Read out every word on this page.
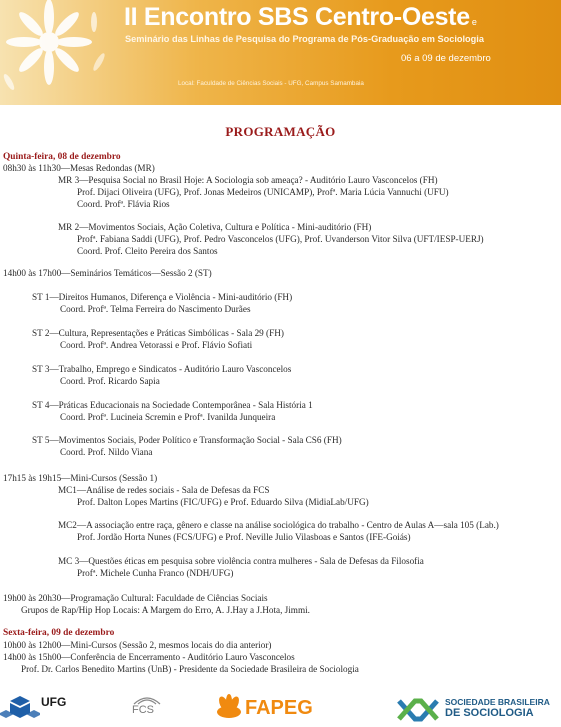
II Encontro SBS Centro-Oeste e
Seminário das Linhas de Pesquisa do Programa de Pós-Graduação em Sociologia
06 a 09 de dezembro
Local: Faculdade de Ciências Sociais - UFG, Campus Samambaia
PROGRAMAÇÃO
Quinta-feira, 08 de dezembro
08h30 às 11h30—Mesas Redondas (MR)
MR 3—Pesquisa Social no Brasil Hoje: A Sociologia sob ameaça? - Auditório Lauro Vasconcelos (FH)
Prof. Dijaci Oliveira (UFG), Prof. Jonas Medeiros (UNICAMP), Profª. Maria Lúcia Vannuchi (UFU)
Coord. Profª. Flávia Rios
MR 2—Movimentos Sociais, Ação Coletiva, Cultura e Política - Mini-auditório (FH)
Profª. Fabiana Saddi (UFG), Prof. Pedro Vasconcelos (UFG), Prof. Uvanderson Vitor Silva (UFT/IESP-UERJ)
Coord. Prof. Cleito Pereira dos Santos
14h00 às 17h00—Seminários Temáticos—Sessão 2 (ST)
ST 1—Direitos Humanos, Diferença e Violência - Mini-auditório (FH)
Coord. Profª. Telma Ferreira do Nascimento Durães
ST 2—Cultura, Representações e Práticas Simbólicas - Sala 29 (FH)
Coord. Profª. Andrea Vetorassi e Prof. Flávio Sofiati
ST 3—Trabalho, Emprego e Sindicatos - Auditório Lauro Vasconcelos
Coord. Prof. Ricardo Sapia
ST 4—Práticas Educacionais na Sociedade Contemporânea - Sala História 1
Coord. Profª. Lucineia Scremin e Profª. Ivanilda Junqueira
ST 5—Movimentos Sociais, Poder Político e Transformação Social - Sala CS6 (FH)
Coord. Prof. Nildo Viana
17h15 às 19h15—Mini-Cursos (Sessão 1)
MC1—Análise de redes sociais - Sala de Defesas da FCS
Prof. Dalton Lopes Martins (FIC/UFG) e Prof. Eduardo Silva (MidiaLab/UFG)
MC2—A associação entre raça, gênero e classe na análise sociológica do trabalho - Centro de Aulas A—sala 105 (Lab.)
Prof. Jordão Horta Nunes (FCS/UFG) e Prof. Neville Julio Vilasboas e Santos (IFE-Goiás)
MC 3—Questões éticas em pesquisa sobre violência contra mulheres - Sala de Defesas da Filosofia
Profª. Michele Cunha Franco (NDH/UFG)
19h00 às 20h30—Programação Cultural: Faculdade de Ciências Sociais
Grupos de Rap/Hip Hop Locais: A Margem do Erro, A. J.Hay a J.Hota, Jimmi.
Sexta-feira, 09 de dezembro
10h00 às 12h00—Mini-Cursos (Sessão 2, mesmos locais do dia anterior)
14h00 às 15h00—Conferência de Encerramento - Auditório Lauro Vasconcelos
Prof. Dr. Carlos Benedito Martins (UnB) - Presidente da Sociedade Brasileira de Sociologia
UFG
FCS	FAPEG	SOCIEDADE BRASILEIRA
DE SOCIOLOGIA
